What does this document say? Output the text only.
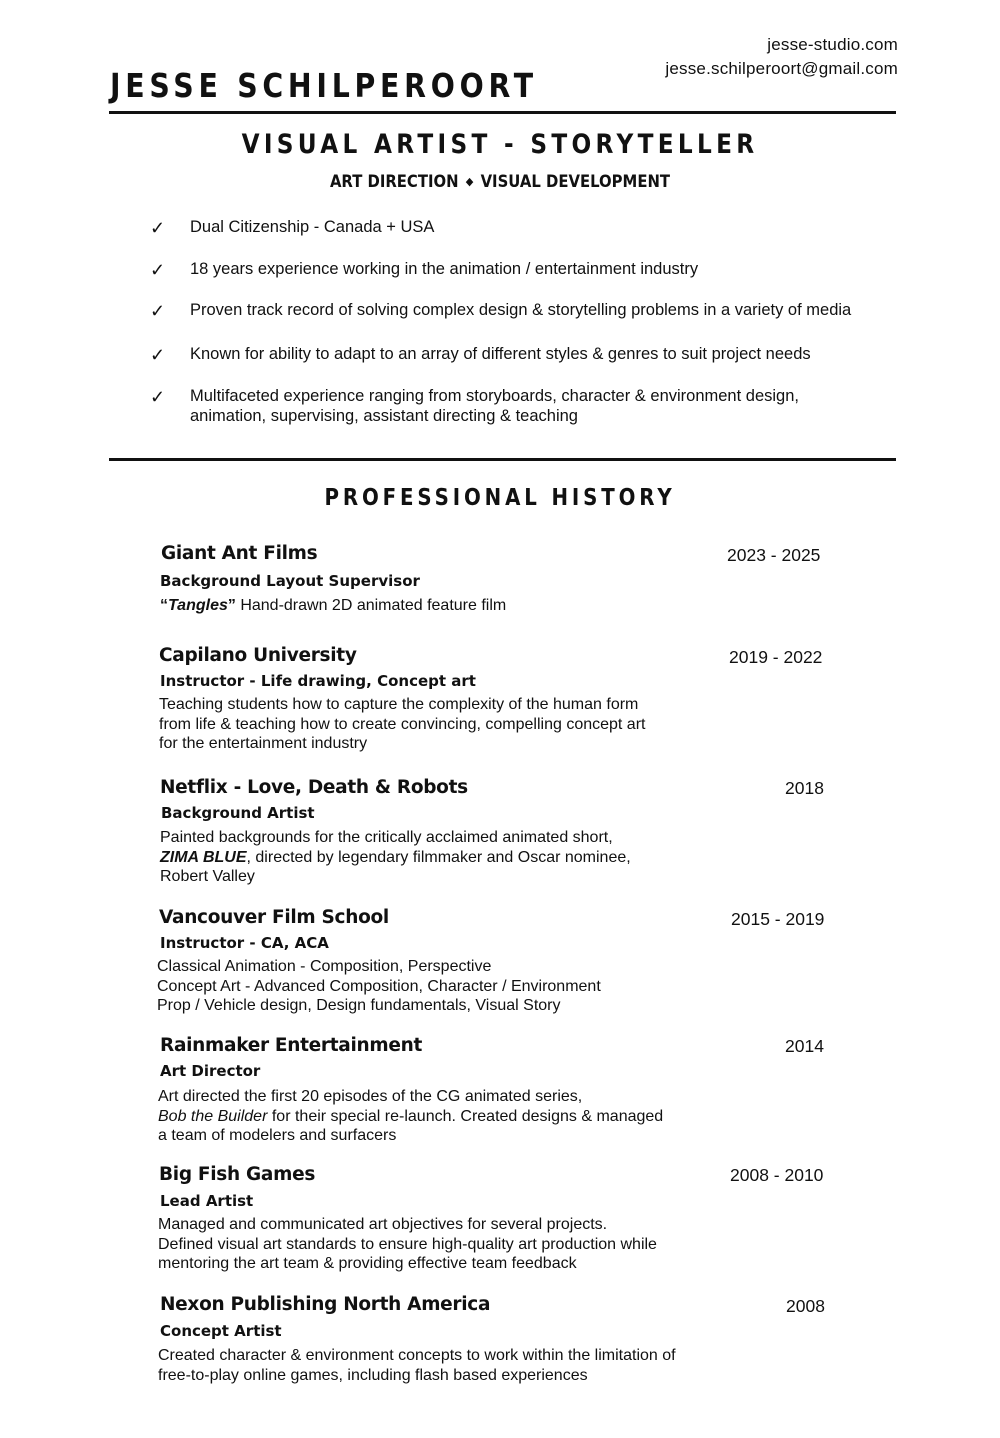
jesse-studio.com
jesse.schilperoort@gmail.com
JESSE SCHILPEROORT
VISUAL ARTIST - STORYTELLER
ART DIRECTION ◆ VISUAL DEVELOPMENT
✓ Dual Citizenship - Canada + USA
✓ 18 years experience working in the animation / entertainment industry
✓ Proven track record of solving complex design & storytelling problems in a variety of media
✓ Known for ability to adapt to an array of different styles & genres to suit project needs
✓ Multifaceted experience ranging from storyboards, character & environment design,
animation, supervising, assistant directing & teaching
PROFESSIONAL HISTORY
Giant Ant Films	2023 - 2025
Background Layout Supervisor
“Tangles” Hand-drawn 2D animated feature film
Capilano University	2019 - 2022
Instructor - Life drawing, Concept art
Teaching students how to capture the complexity of the human form
from life & teaching how to create convincing, compelling concept art
for the entertainment industry
Netflix - Love, Death & Robots	2018
Background Artist
Painted backgrounds for the critically acclaimed animated short,
ZIMA BLUE, directed by legendary filmmaker and Oscar nominee,
Robert Valley
Vancouver Film School	2015 - 2019
Instructor - CA, ACA
Classical Animation - Composition, Perspective
Concept Art - Advanced Composition, Character / Environment
Prop / Vehicle design, Design fundamentals, Visual Story
Rainmaker Entertainment	2014
Art Director
Art directed the first 20 episodes of the CG animated series,
Bob the Builder for their special re-launch. Created designs & managed
a team of modelers and surfacers
Big Fish Games	2008 - 2010
Lead Artist
Managed and communicated art objectives for several projects.
Defined visual art standards to ensure high-quality art production while
mentoring the art team & providing effective team feedback
Nexon Publishing North America	2008
Concept Artist
Created character & environment concepts to work within the limitation of
free-to-play online games, including flash based experiences
